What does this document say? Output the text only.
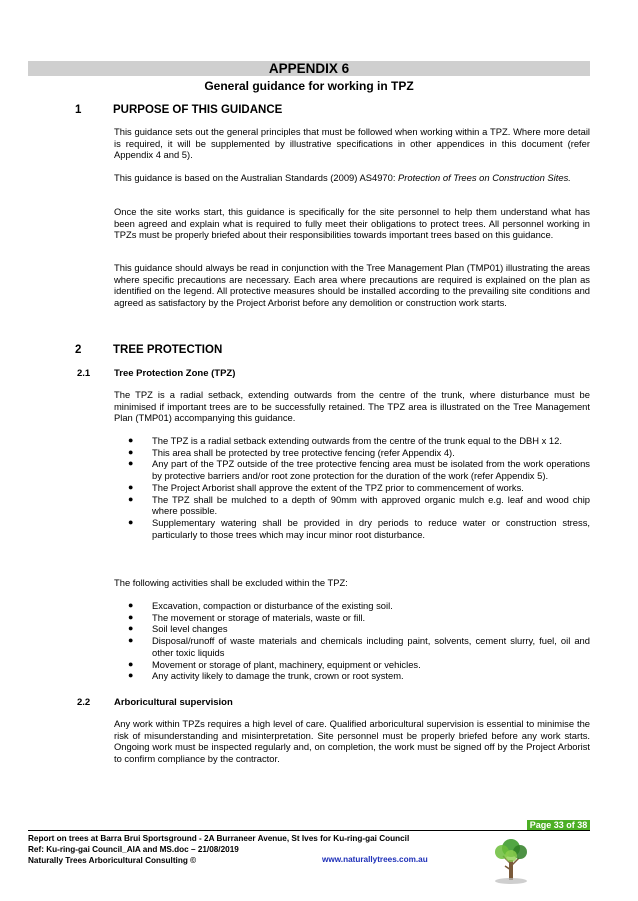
APPENDIX 6
General guidance for working in TPZ
1	PURPOSE OF THIS GUIDANCE

This guidance sets out the general principles that must be followed when working within a TPZ. Where more detail is required, it will be supplemented by illustrative specifications in other appendices in this document (refer Appendix 4 and 5).

This guidance is based on the Australian Standards (2009) AS4970: Protection of Trees on Construction Sites.

Once the site works start, this guidance is specifically for the site personnel to help them understand what has been agreed and explain what is required to fully meet their obligations to protect trees. All personnel working in TPZs must be properly briefed about their responsibilities towards important trees based on this guidance.

This guidance should always be read in conjunction with the Tree Management Plan (TMP01) illustrating the areas where specific precautions are necessary. Each area where precautions are required is explained on the plan as identified on the legend. All protective measures should be installed according to the prevailing site conditions and agreed as satisfactory by the Project Arborist before any demolition or construction work starts.

2	TREE PROTECTION
2.1	Tree Protection Zone (TPZ)

The TPZ is a radial setback, extending outwards from the centre of the trunk, where disturbance must be minimised if important trees are to be successfully retained. The TPZ area is illustrated on the Tree Management Plan (TMP01) accompanying this guidance.

● The TPZ is a radial setback extending outwards from the centre of the trunk equal to the DBH x 12.
● This area shall be protected by tree protective fencing (refer Appendix 4).
● Any part of the TPZ outside of the tree protective fencing area must be isolated from the work operations by protective barriers and/or root zone protection for the duration of the work (refer Appendix 5).
● The Project Arborist shall approve the extent of the TPZ prior to commencement of works.
● The TPZ shall be mulched to a depth of 90mm with approved organic mulch e.g. leaf and wood chip where possible.
● Supplementary watering shall be provided in dry periods to reduce water or construction stress, particularly to those trees which may incur minor root disturbance.

The following activities shall be excluded within the TPZ:

● Excavation, compaction or disturbance of the existing soil.
● The movement or storage of materials, waste or fill.
● Soil level changes
● Disposal/runoff of waste materials and chemicals including paint, solvents, cement slurry, fuel, oil and other toxic liquids
● Movement or storage of plant, machinery, equipment or vehicles.
● Any activity likely to damage the trunk, crown or root system.
2.2	Arboricultural supervision

Any work within TPZs requires a high level of care. Qualified arboricultural supervision is essential to minimise the risk of misunderstanding and misinterpretation. Site personnel must be properly briefed before any work starts. Ongoing work must be inspected regularly and, on completion, the work must be signed off by the Project Arborist to confirm compliance by the contractor.

Page 33 of 38
Report on trees at Barra Brui Sportsground - 2A Burraneer Avenue, St Ives for Ku-ring-gai Council
Ref: Ku-ring-gai Council_AIA and MS.doc – 21/08/2019
Naturally Trees Arboricultural Consulting ©	www.naturallytrees.com.au
